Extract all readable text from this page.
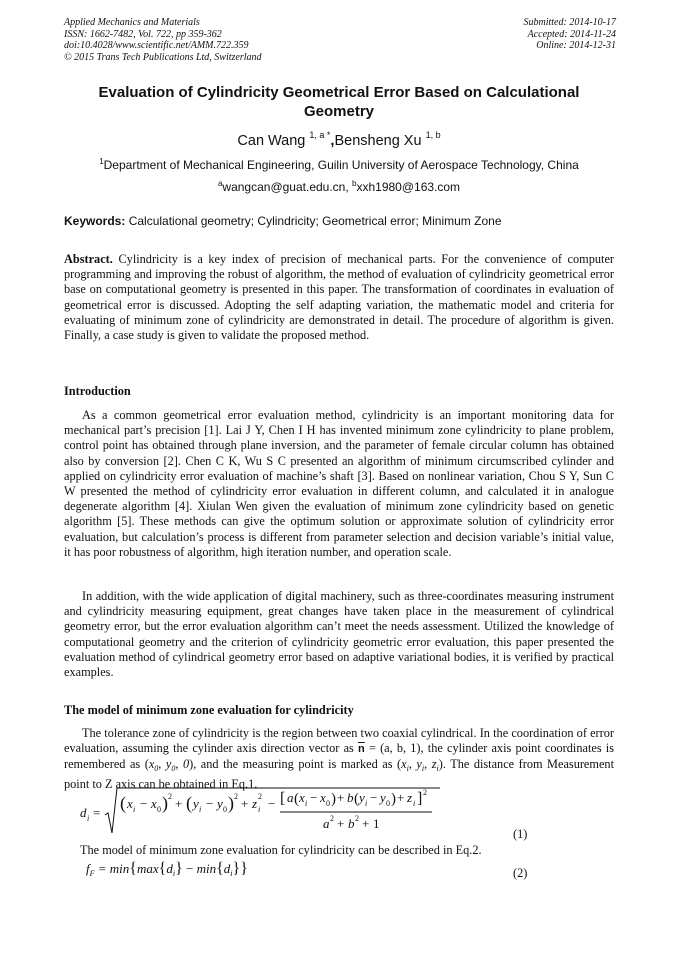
Applied Mechanics and Materials
ISSN: 1662-7482, Vol. 722, pp 359-362
doi:10.4028/www.scientific.net/AMM.722.359
© 2015 Trans Tech Publications Ltd, Switzerland
Submitted: 2014-10-17
Accepted: 2014-11-24
Online: 2014-12-31
Evaluation of Cylindricity Geometrical Error Based on Calculational
Geometry
Can Wang $^{1, a *}$,Bensheng Xu $^{1, b}$
$^1$Department of Mechanical Engineering, Guilin University of Aerospace Technology, China
$^a$wangcan@guat.edu.cn, $^b$xxh1980@163.com
Keywords: Calculational geometry; Cylindricity; Geometrical error; Minimum Zone
Abstract. Cylindricity is a key index of precision of mechanical parts. For the convenience of computer programming and improving the robust of algorithm, the method of evaluation of cylindricity geometrical error base on computational geometry is presented in this paper. The transformation of coordinates in evaluation of geometrical error is discussed. Adopting the self adapting variation, the mathematic model and criteria for evaluating of minimum zone of cylindricity are demonstrated in detail. The procedure of algorithm is given. Finally, a case study is given to validate the proposed method.
Introduction
As a common geometrical error evaluation method, cylindricity is an important monitoring data for mechanical part’s precision [1]. Lai J Y, Chen I H has invented minimum zone cylindricity to plane problem, control point has obtained through plane inversion, and the parameter of female circular column has obtained also by conversion [2]. Chen C K, Wu S C presented an algorithm of minimum circumscribed cylinder and applied on cylindricity error evaluation of machine’s shaft [3]. Based on nonlinear variation, Chou S Y, Sun C W presented the method of cylindricity error evaluation in different column, and calculated it in analogue degenerate algorithm [4]. Xiulan Wen given the evaluation of minimum zone cylindricity based on genetic algorithm [5]. These methods can give the optimum solution or approximate solution of cylindricity error evaluation, but calculation’s process is different from parameter selection and decision variable’s initial value, it has poor robustness of algorithm, high iteration number, and operation scale.
In addition, with the wide application of digital machinery, such as three-coordinates measuring instrument and cylindricity measuring equipment, great changes have taken place in the measurement of cylindrical geometry error, but the error evaluation algorithm can’t meet the needs assessment. Utilized the knowledge of computational geometry and the criterion of cylindricity geometric error evaluation, this paper presented the evaluation method of cylindrical geometry error based on adaptive variational bodies, it is verified by practical examples.
The model of minimum zone evaluation for cylindricity
The tolerance zone of cylindricity is the region between two coaxial cylindrical. In the coordination of error evaluation, assuming the cylinder axis direction vector as $\overline{n} = (a$, b, 1), the cylinder axis point coordinates is remembered as ($x_0$, $y_0$, 0), and the measuring point is marked as ($x_i$, $y_i$, $z_i$). The distance from Measurement point to Z axis can be obtained in Eq.1.
d i = ( x i − x 0 ) 2 + ( y i − y 0 ) 2 + z i
2 − [ a ( x i − x 0 ) + b ( y i − y 0 ) + z i ] 2
a 2 + b 2 + 1
(1)
The model of minimum zone evaluation for cylindricity can be described in Eq.2.
$f_F = \min\{\max\{d_i\} - \min\{d_i\}\}$	(2)
